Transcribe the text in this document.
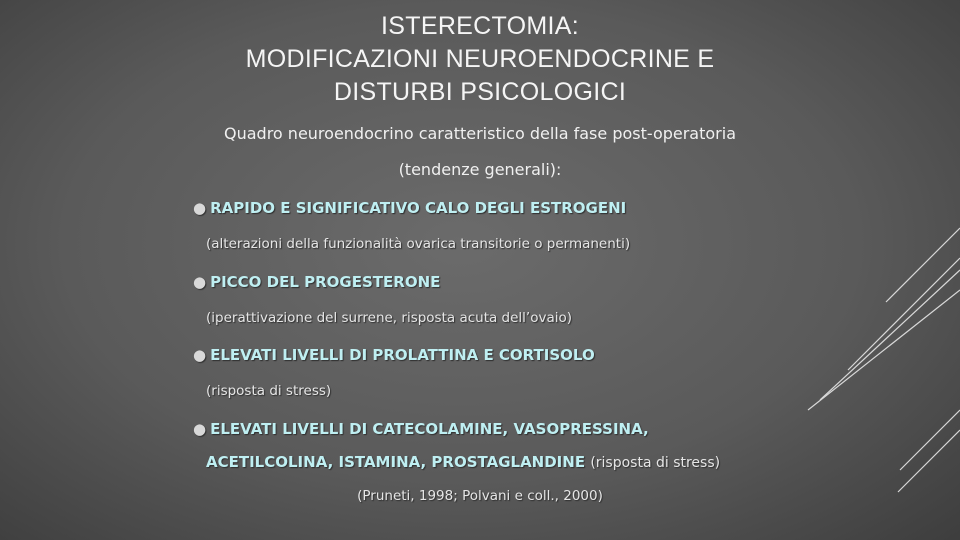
ISTERECTOMIA:
MODIFICAZIONI NEUROENDOCRINE E
DISTURBI PSICOLOGICI
Quadro neuroendocrino caratteristico della fase post-operatoria
(tendenze generali):
● RAPIDO E SIGNIFICATIVO CALO DEGLI ESTROGENI
(alterazioni della funzionalità ovarica transitorie o permanenti)
● PICCO DEL PROGESTERONE
(iperattivazione del surrene, risposta acuta dell’ovaio)
● ELEVATI LIVELLI DI PROLATTINA E CORTISOLO
(risposta di stress)
● ELEVATI LIVELLI DI CATECOLAMINE, VASOPRESSINA,
ACETILCOLINA, ISTAMINA, PROSTAGLANDINE (risposta di stress)
(Pruneti, 1998; Polvani e coll., 2000)
